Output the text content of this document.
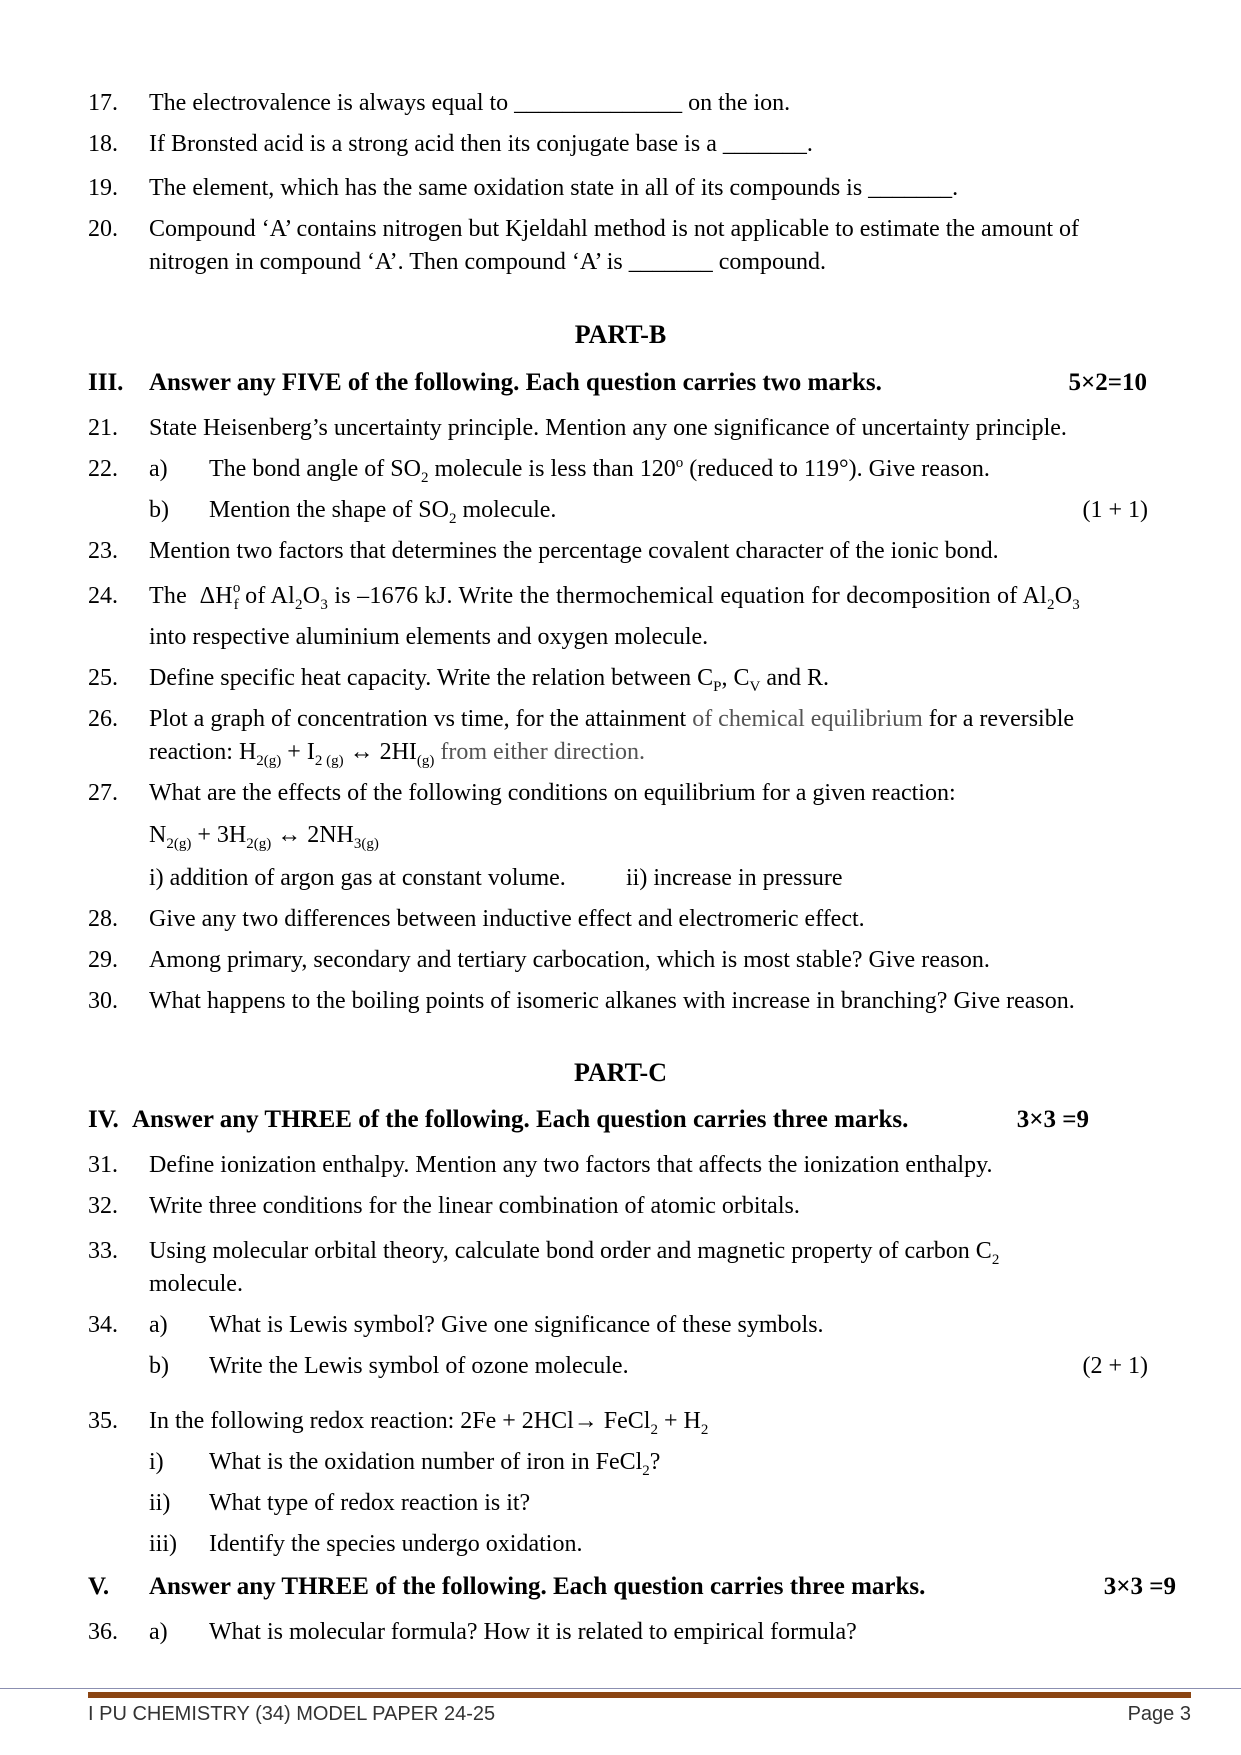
17. The electrovalence is always equal to ______________ on the ion.
18. If Bronsted acid is a strong acid then its conjugate base is a _______.
19. The element, which has the same oxidation state in all of its compounds is _______.
20. Compound ‘A’ contains nitrogen but Kjeldahl method is not applicable to estimate the amount of
nitrogen in compound ‘A’. Then compound ‘A’ is _______ compound.
PART-B
III. Answer any FIVE of the following. Each question carries two marks.	5×2=10
21. State Heisenberg’s uncertainty principle. Mention any one significance of uncertainty principle.
22. a) The bond angle of $SO_2$ molecule is less than 120$^o$ (reduced to 119°). Give reason.
b) Mention the shape of $SO_2$ molecule.	(1 + 1)
23. Mention two factors that determines the percentage covalent character of the ionic bond.
24. The  $\Delta H^o_f$ of $Al_2O_3$ is –1676 kJ. Write the thermochemical equation for decomposition of $Al_2O_3$
into respective aluminium elements and oxygen molecule.
25. Define specific heat capacity. Write the relation between $C_P$, $C_V$ and R.
26. Plot a graph of concentration vs time, for the attainment of chemical equilibrium for a reversible
reaction: $H_{2(g)} + I_{2 (g)}$ ↔ $2HI_{(g)}$ from either direction.
27. What are the effects of the following conditions on equilibrium for a given reaction:
$N_{2(g)} + 3H_{2(g)}$ ↔ $2NH_{3(g)}$
i) addition of argon gas at constant volume.	ii) increase in pressure
28. Give any two differences between inductive effect and electromeric effect.
29. Among primary, secondary and tertiary carbocation, which is most stable? Give reason.
30. What happens to the boiling points of isomeric alkanes with increase in branching? Give reason.
PART-C
IV. Answer any THREE of the following. Each question carries three marks.	3×3 =9
31. Define ionization enthalpy. Mention any two factors that affects the ionization enthalpy.
32. Write three conditions for the linear combination of atomic orbitals.
33. Using molecular orbital theory, calculate bond order and magnetic property of carbon $C_2$
molecule.
34. a) What is Lewis symbol? Give one significance of these symbols.
b) Write the Lewis symbol of ozone molecule.	(2 + 1)
35. In the following redox reaction: 2Fe + 2HCl→ FeCl$_2$ + $H_2$
i) What is the oxidation number of iron in FeCl$_2$?
ii) What type of redox reaction is it?
iii) Identify the species undergo oxidation.
V. Answer any THREE of the following. Each question carries three marks.	3×3 =9
36. a) What is molecular formula? How it is related to empirical formula?
I PU CHEMISTRY (34) MODEL PAPER 24-25	Page 3
